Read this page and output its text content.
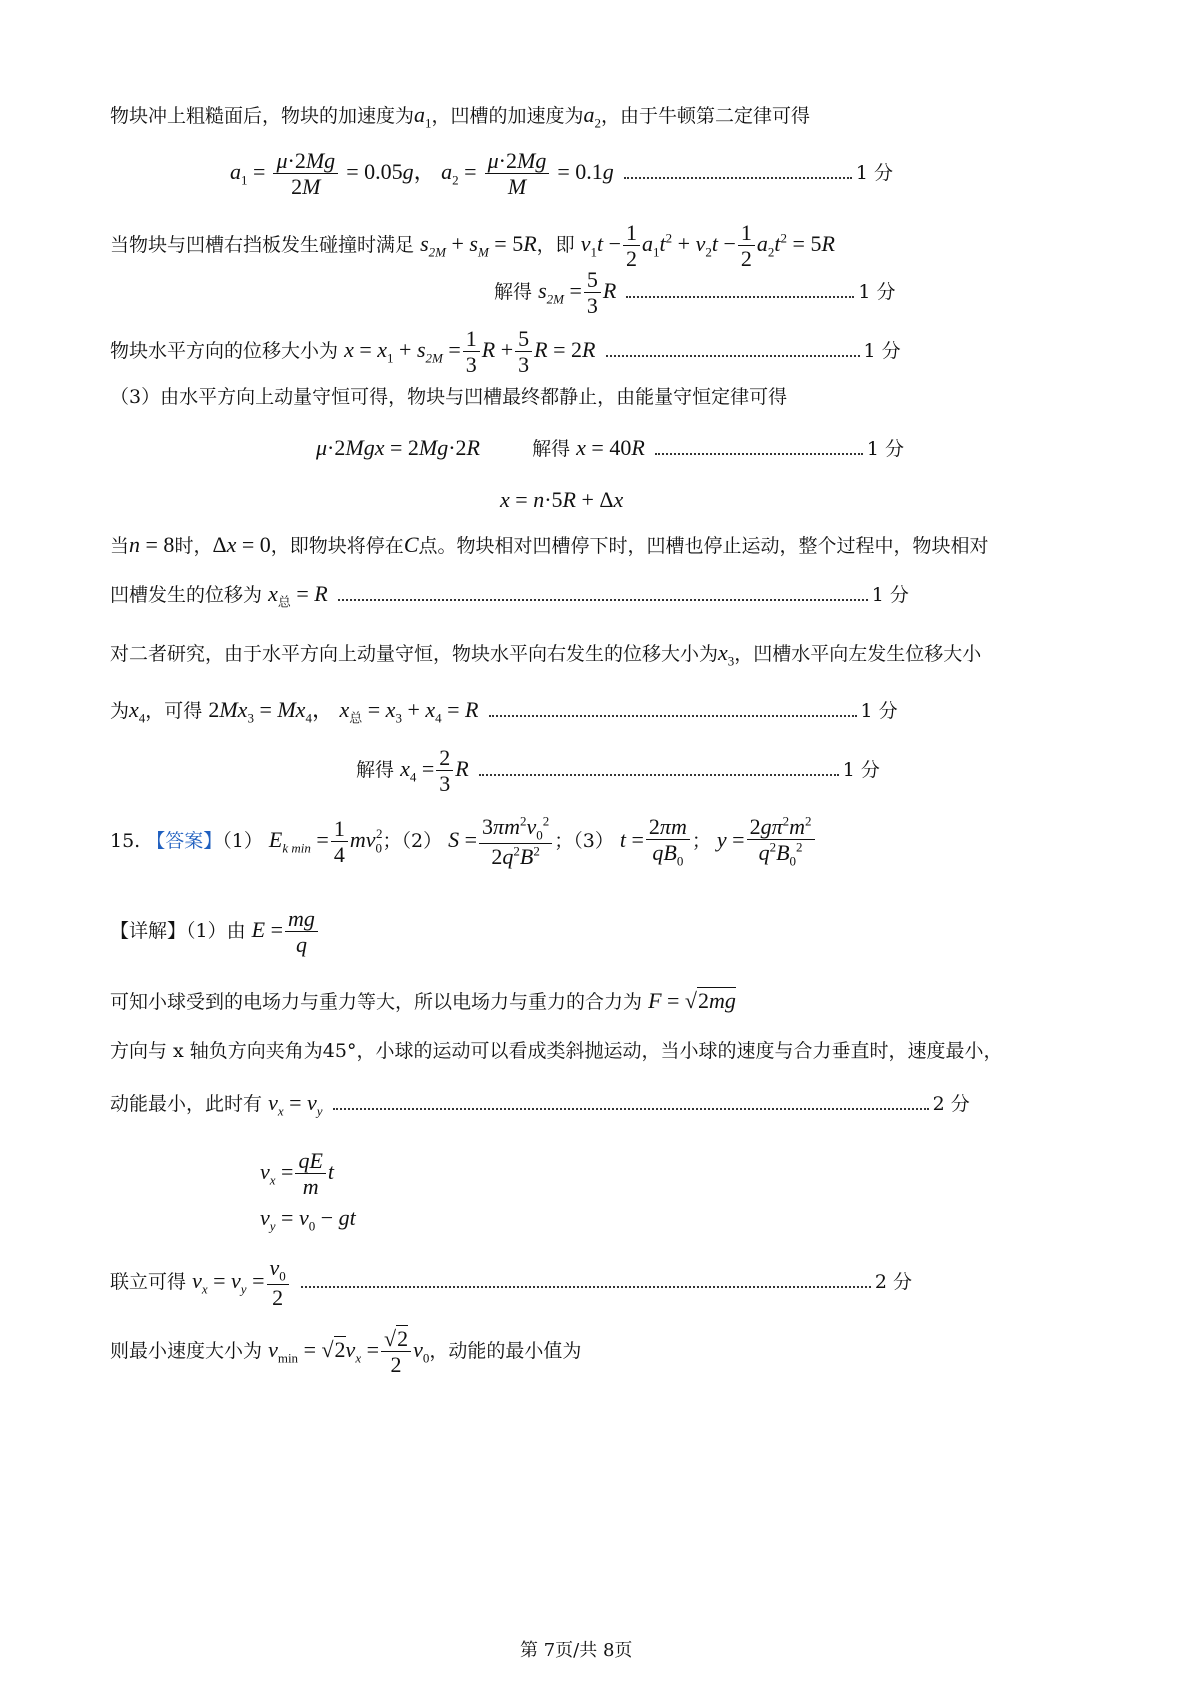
物块冲上粗糙面后，物块的加速度为$a_1$，凹槽的加速度为$a_2$，由于牛顿第二定律可得
$a_1 = \frac{\mu\cdot 2Mg}{2M} = 0.05g$， $a_2 = \frac{\mu\cdot 2Mg}{M} = 0.1g$	1 分
当物块与凹槽右挡板发生碰撞时满足 $s_{2M} + s_M = 5R$，即 $v_1t - \frac{1}{2} a_1t^2 + v_2t - \frac{1}{2} a_2t^2 = 5R$
解得 $s_{2M} = \frac{5}{3}$ R	1 分
物块水平方向的位移大小为 $x = x_1 + s_{2M} = \frac{1}{3}$ $R + \frac{5}{3}$ R = 2R	1 分
（3）由水平方向上动量守恒可得，物块与凹槽最终都静止，由能量守恒定律可得
μ·2Mgx = 2Mg·2R	解得 x = 40R	1 分
x = n·5R + Δx
当n = 8时，Δx = 0，即物块将停在C点。物块相对凹槽停下时，凹槽也停止运动，整个过程中，物块相对
凹槽发生的位移为 $x_总 = R$	1 分
对二者研究，由于水平方向上动量守恒，物块水平向右发生的位移大小为$x_3$，凹槽水平向左发生位移大小
为$x_4$，可得 $2Mx_3 = Mx_4$， $x_总 = x_3 + x_4 = R$	1 分
解得 $x_4 = \frac{2}{3}$ R	1 分
15. 【答案】（1） $E_{k min} = \frac{1}{4} mv_0^2$；（2） $S = \frac{3\pi m^2v_0^2}{2q^2B^2}$ ；（3） $t = \frac{2\pi m}{qB_0}$ ； $y = \frac{2g\pi^2m^2}{q^2B_0^2}$
【详解】（1）由 $E = \frac{mg}{q}$
可知小球受到的电场力与重力等大，所以电场力与重力的合力为 F = √2mg
方向与 x 轴负方向夹角为45°，小球的运动可以看成类斜抛运动，当小球的速度与合力垂直时，速度最小，
动能最小，此时有 $v_x = v_y$	2 分
$v_x = \frac{qE}{m}$ t
$v_y = v_0$ − gt
联立可得 $v_x = v_y = \frac{v_0}{2}$	2 分
则最小速度大小为 $v_{min} = √2v_x = \frac{√2}{2} v_0$，动能的最小值为
第 7页/共 8页
